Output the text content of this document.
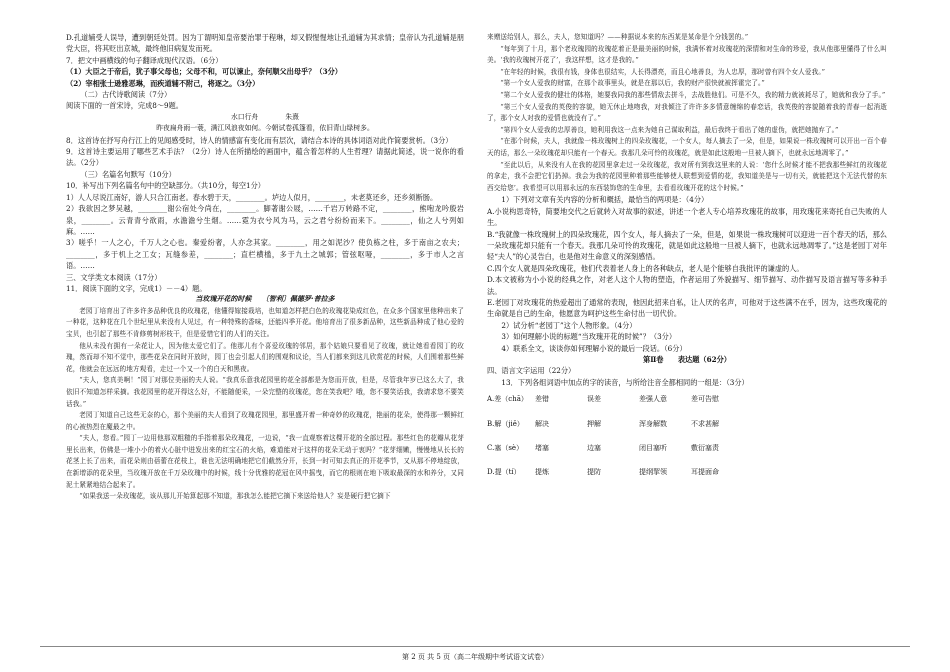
D.孔道辅受人误导，遭到朝廷处罚。因为丁谓明知皇帝要治罪于程琳，却又假惺惺地让孔道辅为其求情；皇帝认为孔道辅是朋党大臣，将其贬出京城，最终他旧病复发而死。

7．把文中画横线的句子翻译成现代汉语。（6分）

（1）大臣之于帝后，犹子事父母也；父母不和，可以谏止，奈何顺父出母乎？（3分）

（2）宰相张士逊雅恶琳，而疾道辅不附己，将逐之。（3分）

（二）古代诗歌阅读（7分）

阅读下面的一首宋诗，完成8～9题。

水口行舟　　　　朱熹

昨夜扁舟雨一蓑，满江风浪夜如何。今朝试卷孤篷看，依旧青山绿树多。

8．这首诗在抒写舟行江上的见闻感受时，诗人的情感富有变化而有层次，请结合本诗的具体词语对此作简要赏析。（3分）

9．这首诗主要运用了哪些艺术手法？（2分）诗人在所描绘的画面中，蕴含着怎样的人生哲理？请据此简述，说一说你的看法。（2分）

（三）名篇名句默写（10分）

10．补写出下列名篇名句中的空缺部分。（共10分，每空1分）

1）人人尽说江南好，游人只合江南老。春水碧于天，________。垆边人似月，________，未老莫还乡，还乡须断肠。

2）我欲因之梦吴越，________谢公宿处今尚在，________。脚著谢公屐，……千岩万转路不定，________，熊咆龙吟殷岩泉，________。云青青兮欲雨，水澹澹兮生烟。……霓为衣兮风为马，云之君兮纷纷而来下。________，仙之人兮列如麻。……

3）嗟乎！一人之心，千万人之心也。秦爱纷奢，人亦念其家。________，用之如泥沙？使负栋之柱，多于南亩之农夫；________，多于机上之工女；瓦缝参差，________；直栏横槛，多于九土之城郭；管弦呕哑，________，多于市人之言语。……

三、文学类文本阅读（17分）

11．阅读下面的文字，完成1）－－4）题。

当玫瑰开花的时候　　〔智利〕佩德罗·普拉多

老园丁培育出了许多许多品种优良的玫瑰花，他懂得嫁接栽培，也知道怎样把白色的玫瑰花染成红色，在众多个国家里他种出来了一种花，这种花在几个世纪里从来没有人见过，有一种特殊的香味，还能四季开花。他培育出了很多新品种，这些新品种成了他心爱的宝贝，也引起了那些不肯修剪树形枝干，但是爱惜它们的人们的关注。

他从未没有拥有一朵花让人，因为他太爱它们了。他那儿有个喜爱玫瑰的邻居，那个姑娘只要看见了玫瑰，就让她看看园丁的玫瑰，然而却不知不觉中，那些花朵在同时开放时，园丁也会引起人们的围观和议论，当人们都来到这儿欣赏花的时候，人们围着那些鲜花，他就会在远远的地方观看，走过一个又一个的白天和黑夜。

“夫人，您真美啊！”园丁对那位美丽的夫人说。“我真乐意我花园里的花全部都是为您而开放，但是，尽管我年岁已这么大了，我依旧不知道怎样采摘。我花园里的花开得这么好，不能随便采，一朵完整的玫瑰花，您在笑我吧？哦，您不要笑话我，我请求您不要笑话我。”

老园丁知道自己这些无奈的心，那个美丽的夫人看到了玫瑰花园里，那里盛开着一种奇妙的玫瑰花，艳丽的花朵，使得那一颗鲜红的心被热烈在魔最之中。

“夫人，您看。”园丁一边用他那双粗糙的手指着那朵玫瑰花，一边说，“我一直观察着这棵开花的全部过程。那些红色的花瓣从花芽里长出来，仿佛是一堆小小的着火心脏中迸发出来的红宝石的火焰，难道能对于这样的花朵无动于衷吗？”花芽细嫩，慢慢地从长长的花茎上长了出来，而花朵则由蓓蕾在花枝上，谁也无法明确地把它们截然分开，长到一时可知去真正的开花季节，又从那不停地绽放，在新增添的花朵里，当玫瑰开放在千万朵玫瑰中的时候，线十分优雅的花冠在风中摇曳，而它的根则在地下吸取最深的水和养分，又同泥土紧紧地结合起来了。

“如果我送一朵玫瑰花，该从那儿开始算起那不知道，那我怎么能把它摘下来送给他人？妄是硬行把它摘下

来赠送给别人，那么，夫人，您知道吗？——种据说本来的东西某是某命是个分钱罢的。”

“每年到了十月，那个老玫瑰园的玫瑰花着正是最美丽的时候，我满怀着对玫瑰花的深情和对生命的珍爱，我从他那里懂得了什么叫美。‘我的玫瑰树开花了’，我这样想，这才是我的。”

“在年轻的时候，我很有钱，身体也很结实，人长得漂亮，而且心地善良，为人忠厚，那时曾有四个女人爱我。”

“第一个女人爱我的财富，在那个故事里头，就是在那以后，我的财产很快就被挥霍完了。”

“第二个女人爱我的健壮的体格，她要我同我的那些情敌去拼斗，去战胜他们。可是不久，我的精力就被耗尽了，她就和我分了手。”

“第三个女人爱我的英俊的容貌，她无休止地吻我，对我倾注了许许多多情意缠绵的春恋话，我英俊的容貌随着我的青春一起消逝了，那个女人对我的爱情也就没有了。”

“第四个女人爱我的忠厚善良，她利用我这一点来为她自己谋取利益，最后我终于看出了她的虚伪，就把她抛弃了。”

“在那个时候，夫人，我就像一株玫瑰树上的四朵玫瑰花，一个女人，每人摘去了一朵，但是，如果说一株玫瑰树可以开出一百个春天的话，那么一朵玫瑰花却只能有一个春天。我那几朵可怜的玫瑰花，就是如此这般地一旦被人摘下，也就永远地凋零了。”

“至此以后，从来没有人在我的花园里拿走过一朵玫瑰花，我对所有到我这里来的人说：‘您什么时候才能不把我那些鲜红的玫瑰花的拿走，我不会把它们扔掉。我会为我的花园里种着那些能够使人联想到爱情的花，我知道美是与一切有关，就能把这个无法代替的东西交给您’。我希望可以用那永远的东西装饰您的生命里，去看看玫瑰开花的这个时候。”

1）下列对文章有关内容的分析和概括，最恰当的两项是：（4分）

A.小说构思奇特，简要地交代之后就转入对故事的叙述，讲述一个老人专心培养玫瑰花的故事，用玫瑰花来寄托自己失败的人生。

B.“我就像一株玫瑰树上的四朵玫瑰花，四个女人，每人摘去了一朵，但是，如果说一株玫瑰树可以迎进一百个春天的话，那么一朵玫瑰花却只能有一个春天。我那几朵可怜的玫瑰花，就是如此这般地一旦被人摘下，也就永远地凋零了。”这是老园丁对年轻“夫人”的心灵告白，也是他对生命意义的深刻感悟。

C.四个女人就是四朵玫瑰花，他们代表着老人身上的各种缺点，老人是个能够自我批评的谦虚的人。

D.本文被称为小小说的经典之作，对老人这个人物的塑造，作者运用了外貌描写、细节描写、动作描写及语言描写等多种手法。

E.老园丁对玫瑰花的热爱超出了通常的表现，他因此招来自私，让人厌的名声，可他对于这些满不在乎，因为，这些玫瑰花的生命就是自己的生命，他愿意为呵护这些生命付出一切代价。

2）试分析“老园丁”这个人物形象。（4分）

3）如何理解小说的标题“当玫瑰开花的时候”？（3分）

4）联系全文，谈谈你如何理解小说的最后一段话。（6分）

第Ⅱ卷　　表达题（62分）

四、语言文字运用（22分）

13．下列各组词语中加点的字的读音，与所给注音全都相同的一组是：（3分）

A.差（chā）	差错	误差	差强人意	差可告慰
B.解（jiě）	解决	押解	浑身解数	不求甚解
C.塞（sè）	堵塞	边塞	闭目塞听	敷衍塞责
D.提（tí）	提炼	提防	提纲挈领	耳提面命
第 2 页 共 5 页（高二年级期中考试语文试卷）
